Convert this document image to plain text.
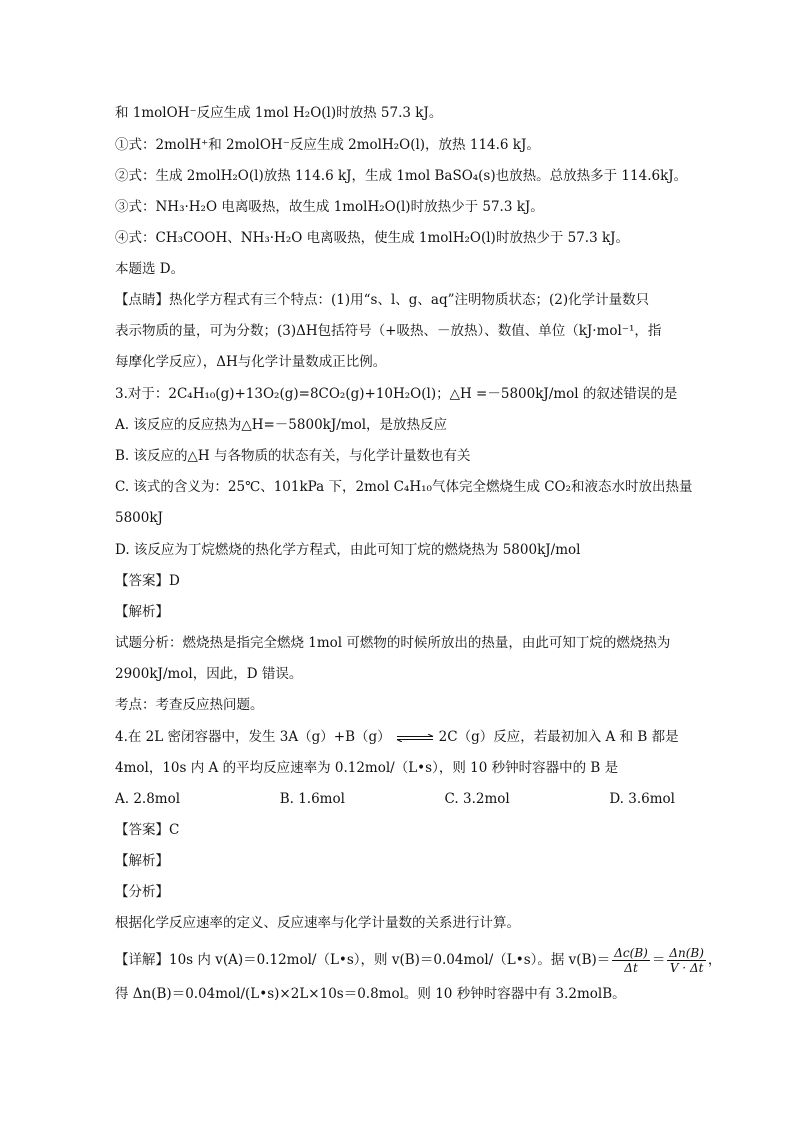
和 1molOH⁻反应生成 1mol H₂O(l)时放热 57.3 kJ。
①式：2molH⁺和 2molOH⁻反应生成 2molH₂O(l)，放热 114.6 kJ。
②式：生成 2molH₂O(l)放热 114.6 kJ，生成 1mol BaSO₄(s)也放热。总放热多于 114.6kJ。
③式：NH₃·H₂O 电离吸热，故生成 1molH₂O(l)时放热少于 57.3 kJ。
④式：CH₃COOH、NH₃·H₂O 电离吸热，使生成 1molH₂O(l)时放热少于 57.3 kJ。
本题选 D。
【点睛】热化学方程式有三个特点：(1)用“s、l、g、aq”注明物质状态；(2)化学计量数只
表示物质的量，可为分数；(3)ΔH包括符号（+吸热、－放热）、数值、单位（kJ·mol⁻¹，指
每摩化学反应），ΔH与化学计量数成正比例。
3.对于：2C₄H₁₀(g)+13O₂(g)=8CO₂(g)+10H₂O(l)；△H =－5800kJ/mol 的叙述错误的是
A. 该反应的反应热为△H=－5800kJ/mol，是放热反应
B. 该反应的△H 与各物质的状态有关，与化学计量数也有关
C. 该式的含义为：25℃、101kPa 下，2mol C₄H₁₀气体完全燃烧生成 CO₂和液态水时放出热量
5800kJ
D. 该反应为丁烷燃烧的热化学方程式，由此可知丁烷的燃烧热为 5800kJ/mol
【答案】D
【解析】
试题分析：燃烧热是指完全燃烧 1mol 可燃物的时候所放出的热量，由此可知丁烷的燃烧热为
2900kJ/mol，因此，D 错误。
考点：考查反应热问题。
4.在 2L 密闭容器中，发生 3A（g）+B（g） ⇌ 2C（g）反应，若最初加入 A 和 B 都是
4mol，10s 内 A 的平均反应速率为 0.12mol/（L•s），则 10 秒钟时容器中的 B 是
A. 2.8mol	B. 1.6mol	C. 3.2mol	D. 3.6mol
【答案】C
【解析】
【分析】
根据化学反应速率的定义、反应速率与化学计量数的关系进行计算。
【详解】10s 内 v(A)＝0.12mol/（L•s），则 v(B)＝0.04mol/（L•s）。据 $v(B)= \frac{\Delta c(B)}{\Delta t} = \frac{\Delta n(B)}{V \cdot \Delta t}$ ，
得 Δn(B)＝0.04mol/(L•s)×2L×10s＝0.8mol。则 10 秒钟时容器中有 3.2molB。
